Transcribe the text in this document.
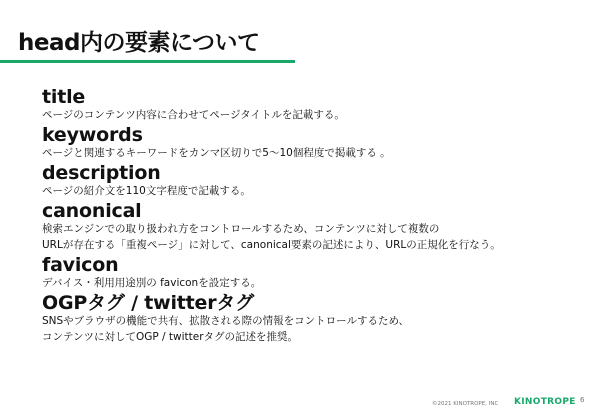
head内の要素について
title
ページのコンテンツ内容に合わせてページタイトルを記載する。
keywords
ページと関連するキーワードをカンマ区切りで5～10個程度で掲載する 。
description
ページの紹介文を110文字程度で記載する。
canonical
検索エンジンでの取り扱われ方をコントロールするため、コンテンツに対して複数の
URLが存在する「重複ページ」に対して、canonical要素の記述により、URLの正規化を行なう。
favicon
デバイス・利用用途別の faviconを設定する。
OGPタグ / twitterタグ
SNSやブラウザの機能で共有、拡散される際の情報をコントロールするため、
コンテンツに対してOGP / twitterタグの記述を推奨。
©2021 KINOTROPE, INC KINOTROPE 6
